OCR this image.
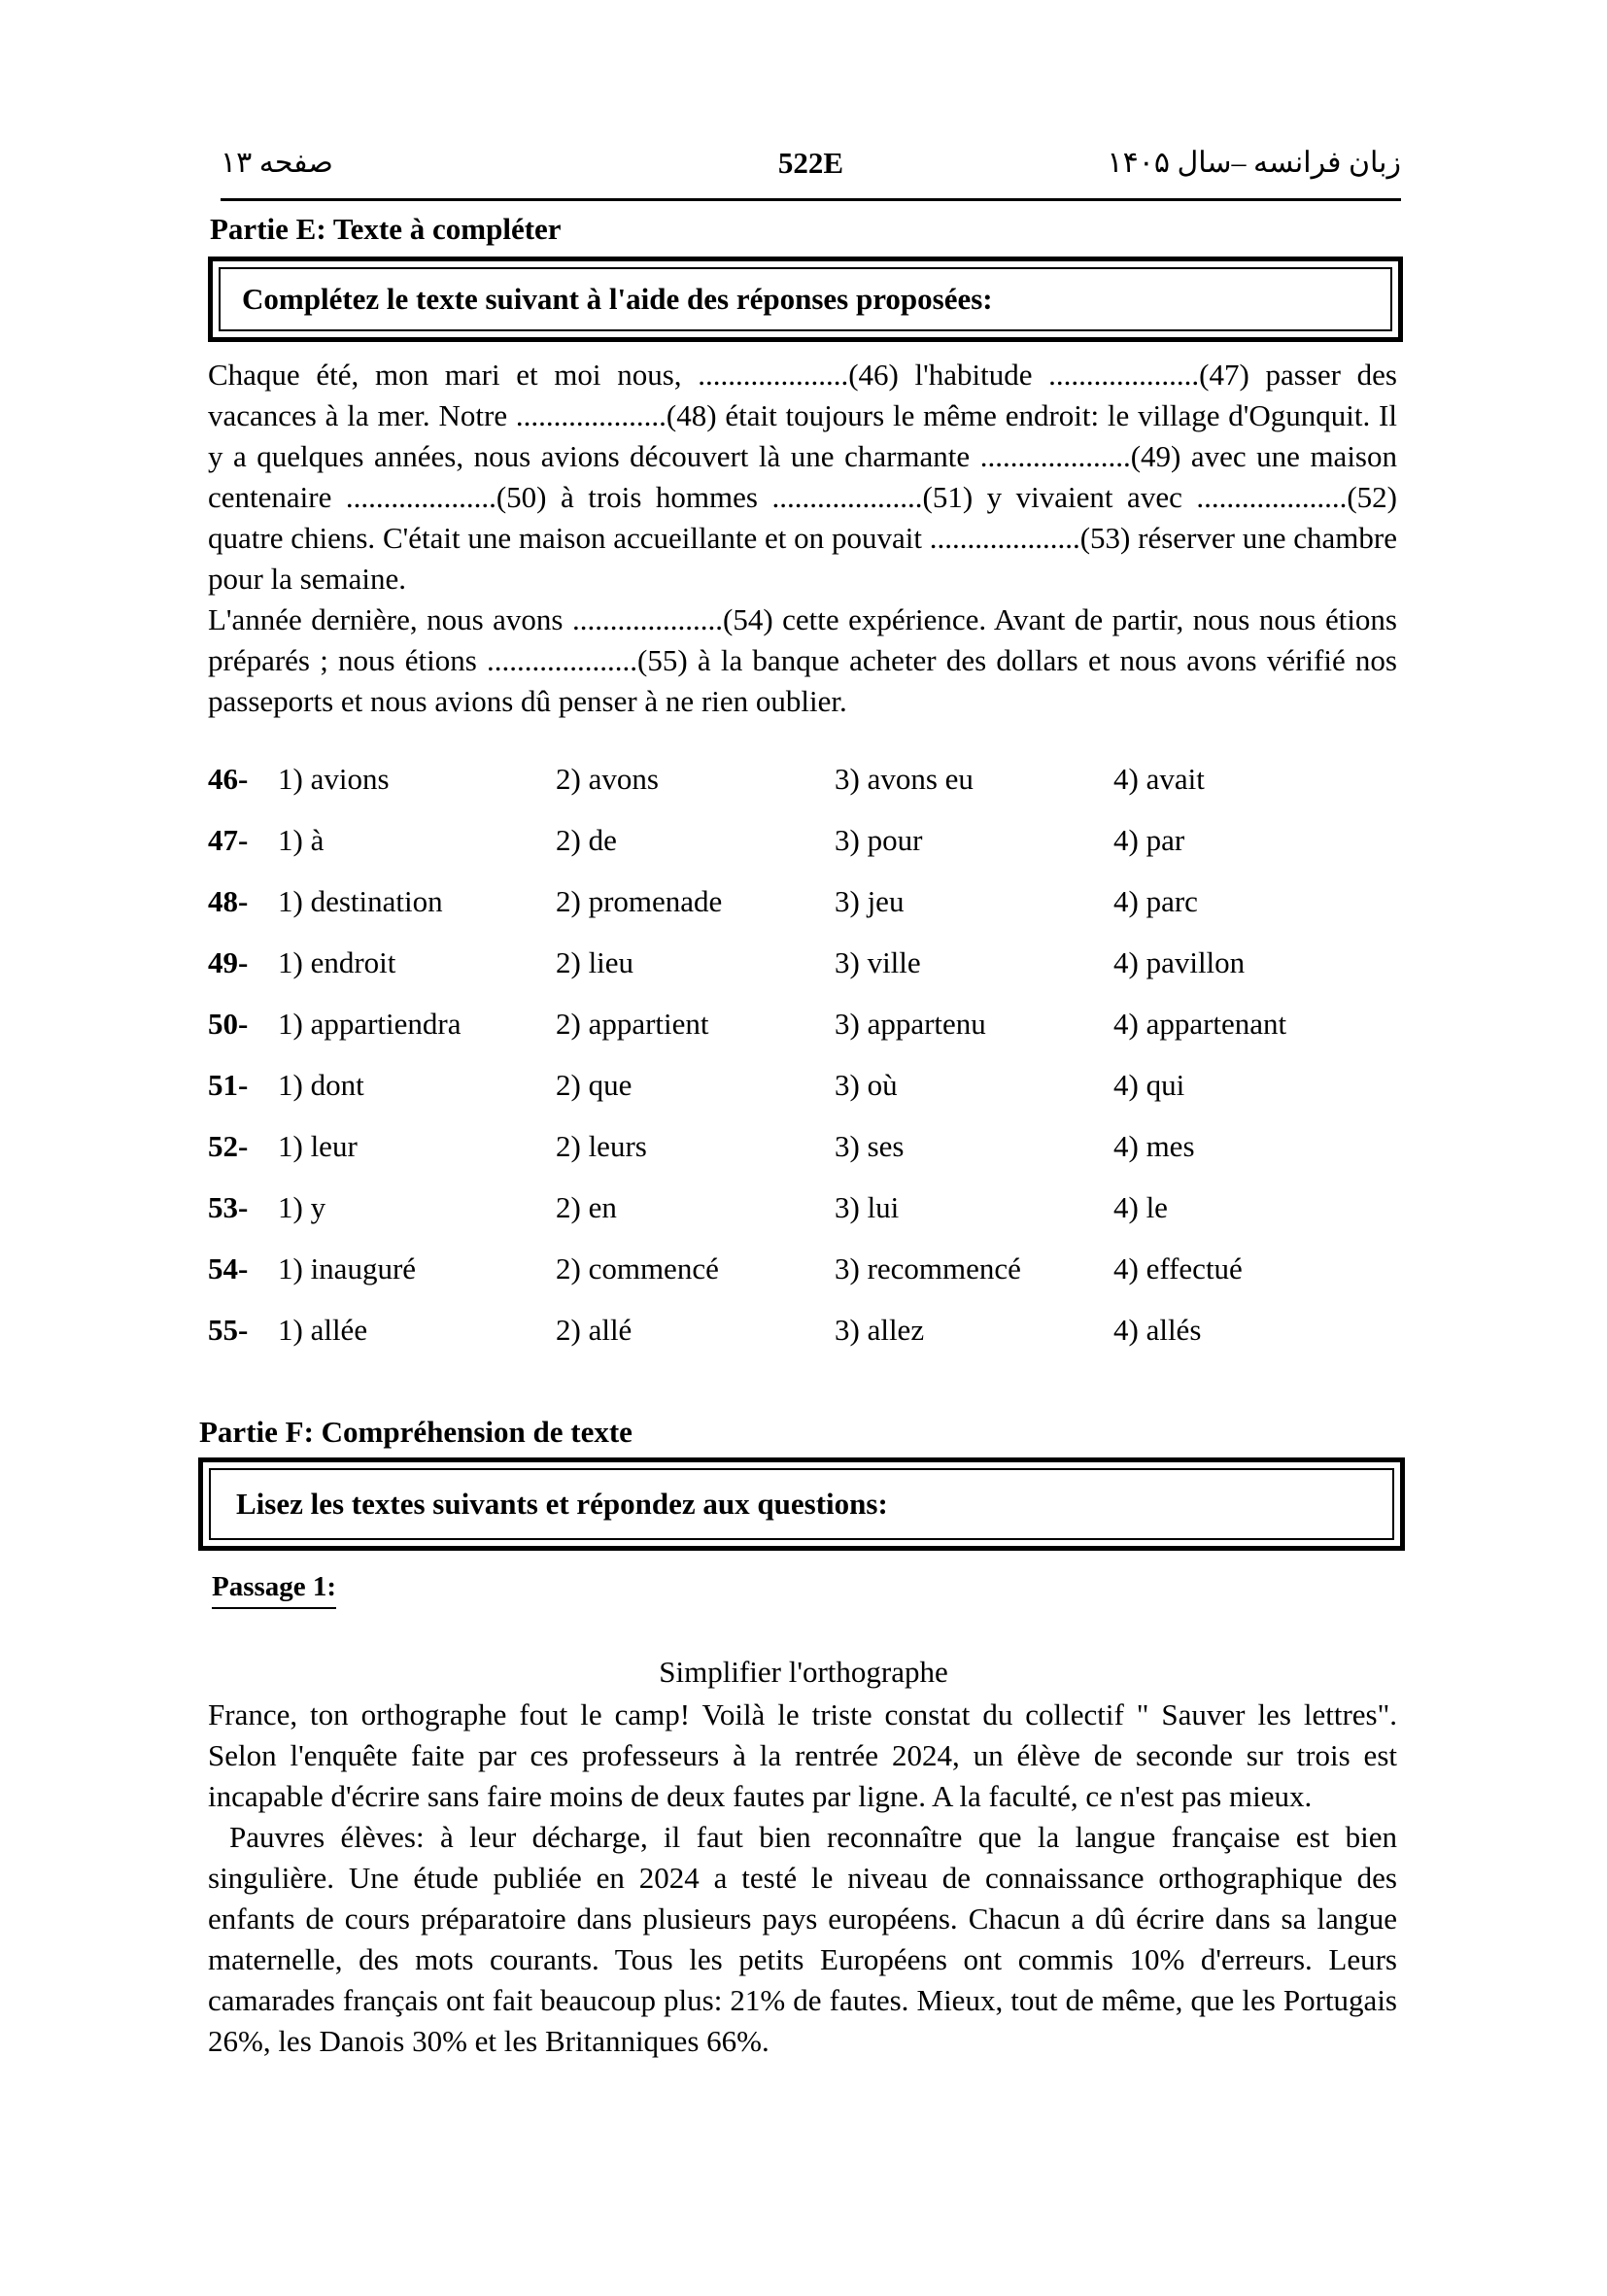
صفحه ۱۳	522E	زبان فرانسه –سال ۱۴۰۵
Partie E: Texte à compléter
Complétez le texte suivant à l'aide des réponses proposées:

Chaque été, mon mari et moi nous, ....................(46) l'habitude ....................(47) passer des vacances à la mer. Notre ....................(48) était toujours le même endroit: le village d'Ogunquit. Il y a quelques années, nous avions découvert là une charmante ....................(49) avec une maison centenaire ....................(50) à trois hommes ....................(51) y vivaient avec ....................(52) quatre chiens. C'était une maison accueillante et on pouvait ....................(53) réserver une chambre pour la semaine.

L'année dernière, nous avons ....................(54) cette expérience. Avant de partir, nous nous étions préparés ; nous étions ....................(55) à la banque acheter des dollars et nous avons vérifié nos passeports et nous avions dû penser à ne rien oublier.

46- 1) avions	2) avons	3) avons eu	4) avait
47- 1) à	2) de	3) pour	4) par
48- 1) destination	2) promenade	3) jeu	4) parc
49- 1) endroit	2) lieu	3) ville	4) pavillon
50- 1) appartiendra	2) appartient	3) appartenu	4) appartenant
51- 1) dont	2) que	3) où	4) qui
52- 1) leur	2) leurs	3) ses	4) mes
53- 1) y	2) en	3) lui	4) le
54- 1) inauguré	2) commencé	3) recommencé	4) effectué
55- 1) allée	2) allé	3) allez	4) allés
Partie F: Compréhension de texte
Lisez les textes suivants et répondez aux questions:
Passage 1:
Simplifier l'orthographe

France, ton orthographe fout le camp! Voilà le triste constat du collectif " Sauver les lettres". Selon l'enquête faite par ces professeurs à la rentrée 2024, un élève de seconde sur trois est incapable d'écrire sans faire moins de deux fautes par ligne. A la faculté, ce n'est pas mieux.

Pauvres élèves: à leur décharge, il faut bien reconnaître que la langue française est bien singulière. Une étude publiée en 2024 a testé le niveau de connaissance orthographique des enfants de cours préparatoire dans plusieurs pays européens. Chacun a dû écrire dans sa langue maternelle, des mots courants. Tous les petits Européens ont commis 10% d'erreurs. Leurs camarades français ont fait beaucoup plus: 21% de fautes. Mieux, tout de même, que les Portugais 26%, les Danois 30% et les Britanniques 66%.
